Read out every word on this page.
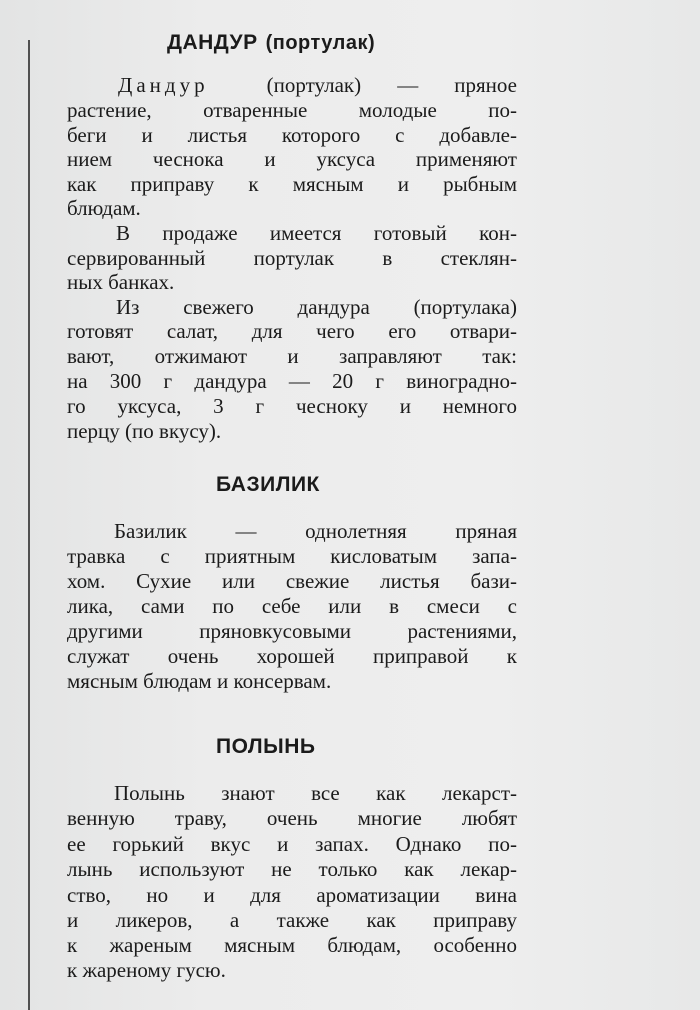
ДАНДУР (портулак)
Дандур	(портулак) — пряное
растение, отваренные молодые по-
беги и листья которого с добавле-
нием чеснока и уксуса применяют
как приправу к мясным и рыбным
блюдам.
В продаже имеется готовый кон-
сервированный портулак в стеклян-
ных банках.
Из свежего дандура (портулака)
готовят салат, для чего его отвари-
вают, отжимают и заправляют так:
на 300 г дандура — 20 г виноградно-
го уксуса, 3 г чесноку и немного
перцу (по вкусу).
БАЗИЛИК
Базилик — однолетняя пряная
травка с приятным кисловатым запа-
хом. Сухие или свежие листья бази-
лика, сами по себе или в смеси с
другими пряновкусовыми растениями,
служат очень хорошей приправой к
мясным блюдам и консервам.
ПОЛЫНЬ
Полынь знают все как лекарст-
венную траву, очень многие любят
ее горький вкус и запах. Однако по-
лынь используют не только как лекар-
ство, но и для ароматизации вина
и ликеров, а также как приправу
к жареным мясным блюдам, особенно
к жареному гусю.
